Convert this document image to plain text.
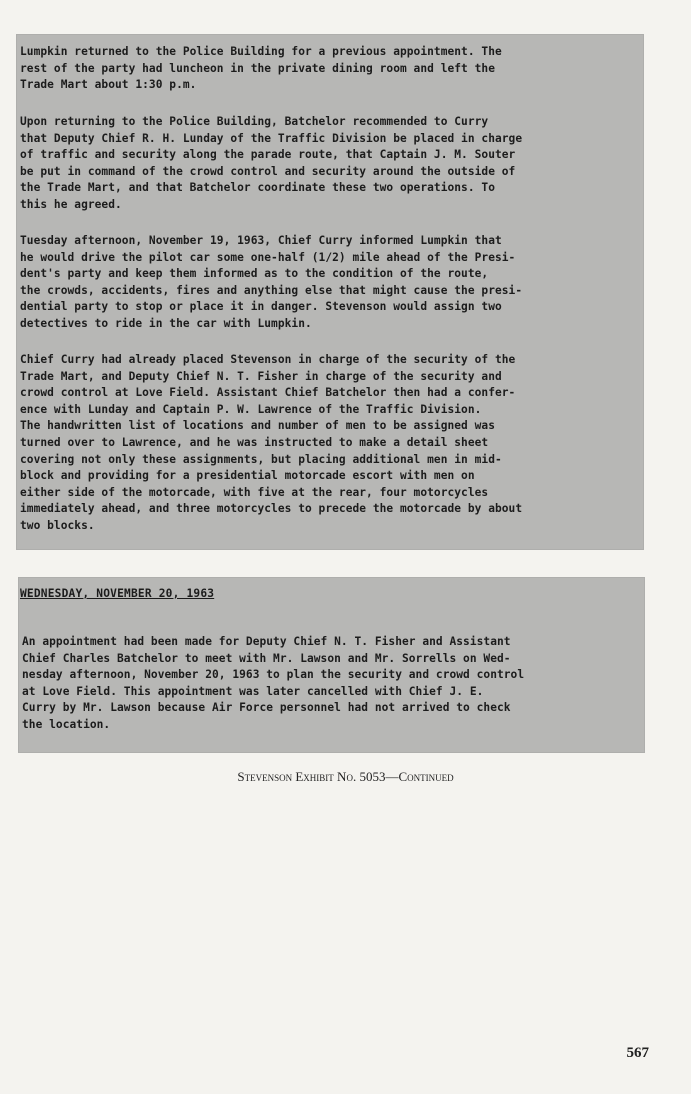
Lumpkin returned to the Police Building for a previous appointment. The
rest of the party had luncheon in the private dining room and left the
Trade Mart about 1:30 p.m.

Upon returning to the Police Building, Batchelor recommended to Curry
that Deputy Chief R. H. Lunday of the Traffic Division be placed in charge
of traffic and security along the parade route, that Captain J. M. Souter
be put in command of the crowd control and security around the outside of
the Trade Mart, and that Batchelor coordinate these two operations. To
this he agreed.

Tuesday afternoon, November 19, 1963, Chief Curry informed Lumpkin that
he would drive the pilot car some one-half (1/2) mile ahead of the Presi-
dent's party and keep them informed as to the condition of the route,
the crowds, accidents, fires and anything else that might cause the presi-
dential party to stop or place it in danger. Stevenson would assign two
detectives to ride in the car with Lumpkin.

Chief Curry had already placed Stevenson in charge of the security of the
Trade Mart, and Deputy Chief N. T. Fisher in charge of the security and
crowd control at Love Field. Assistant Chief Batchelor then had a confer-
ence with Lunday and Captain P. W. Lawrence of the Traffic Division.
The handwritten list of locations and number of men to be assigned was
turned over to Lawrence, and he was instructed to make a detail sheet
covering not only these assignments, but placing additional men in mid-
block and providing for a presidential motorcade escort with men on
either side of the motorcade, with five at the rear, four motorcycles
immediately ahead, and three motorcycles to precede the motorcade by about
two blocks.

WEDNESDAY, NOVEMBER 20, 1963

An appointment had been made for Deputy Chief N. T. Fisher and Assistant
Chief Charles Batchelor to meet with Mr. Lawson and Mr. Sorrells on Wed-
nesday afternoon, November 20, 1963 to plan the security and crowd control
at Love Field. This appointment was later cancelled with Chief J. E.
Curry by Mr. Lawson because Air Force personnel had not arrived to check
the location.

Stevenson Exhibit No. 5053—Continued

567
